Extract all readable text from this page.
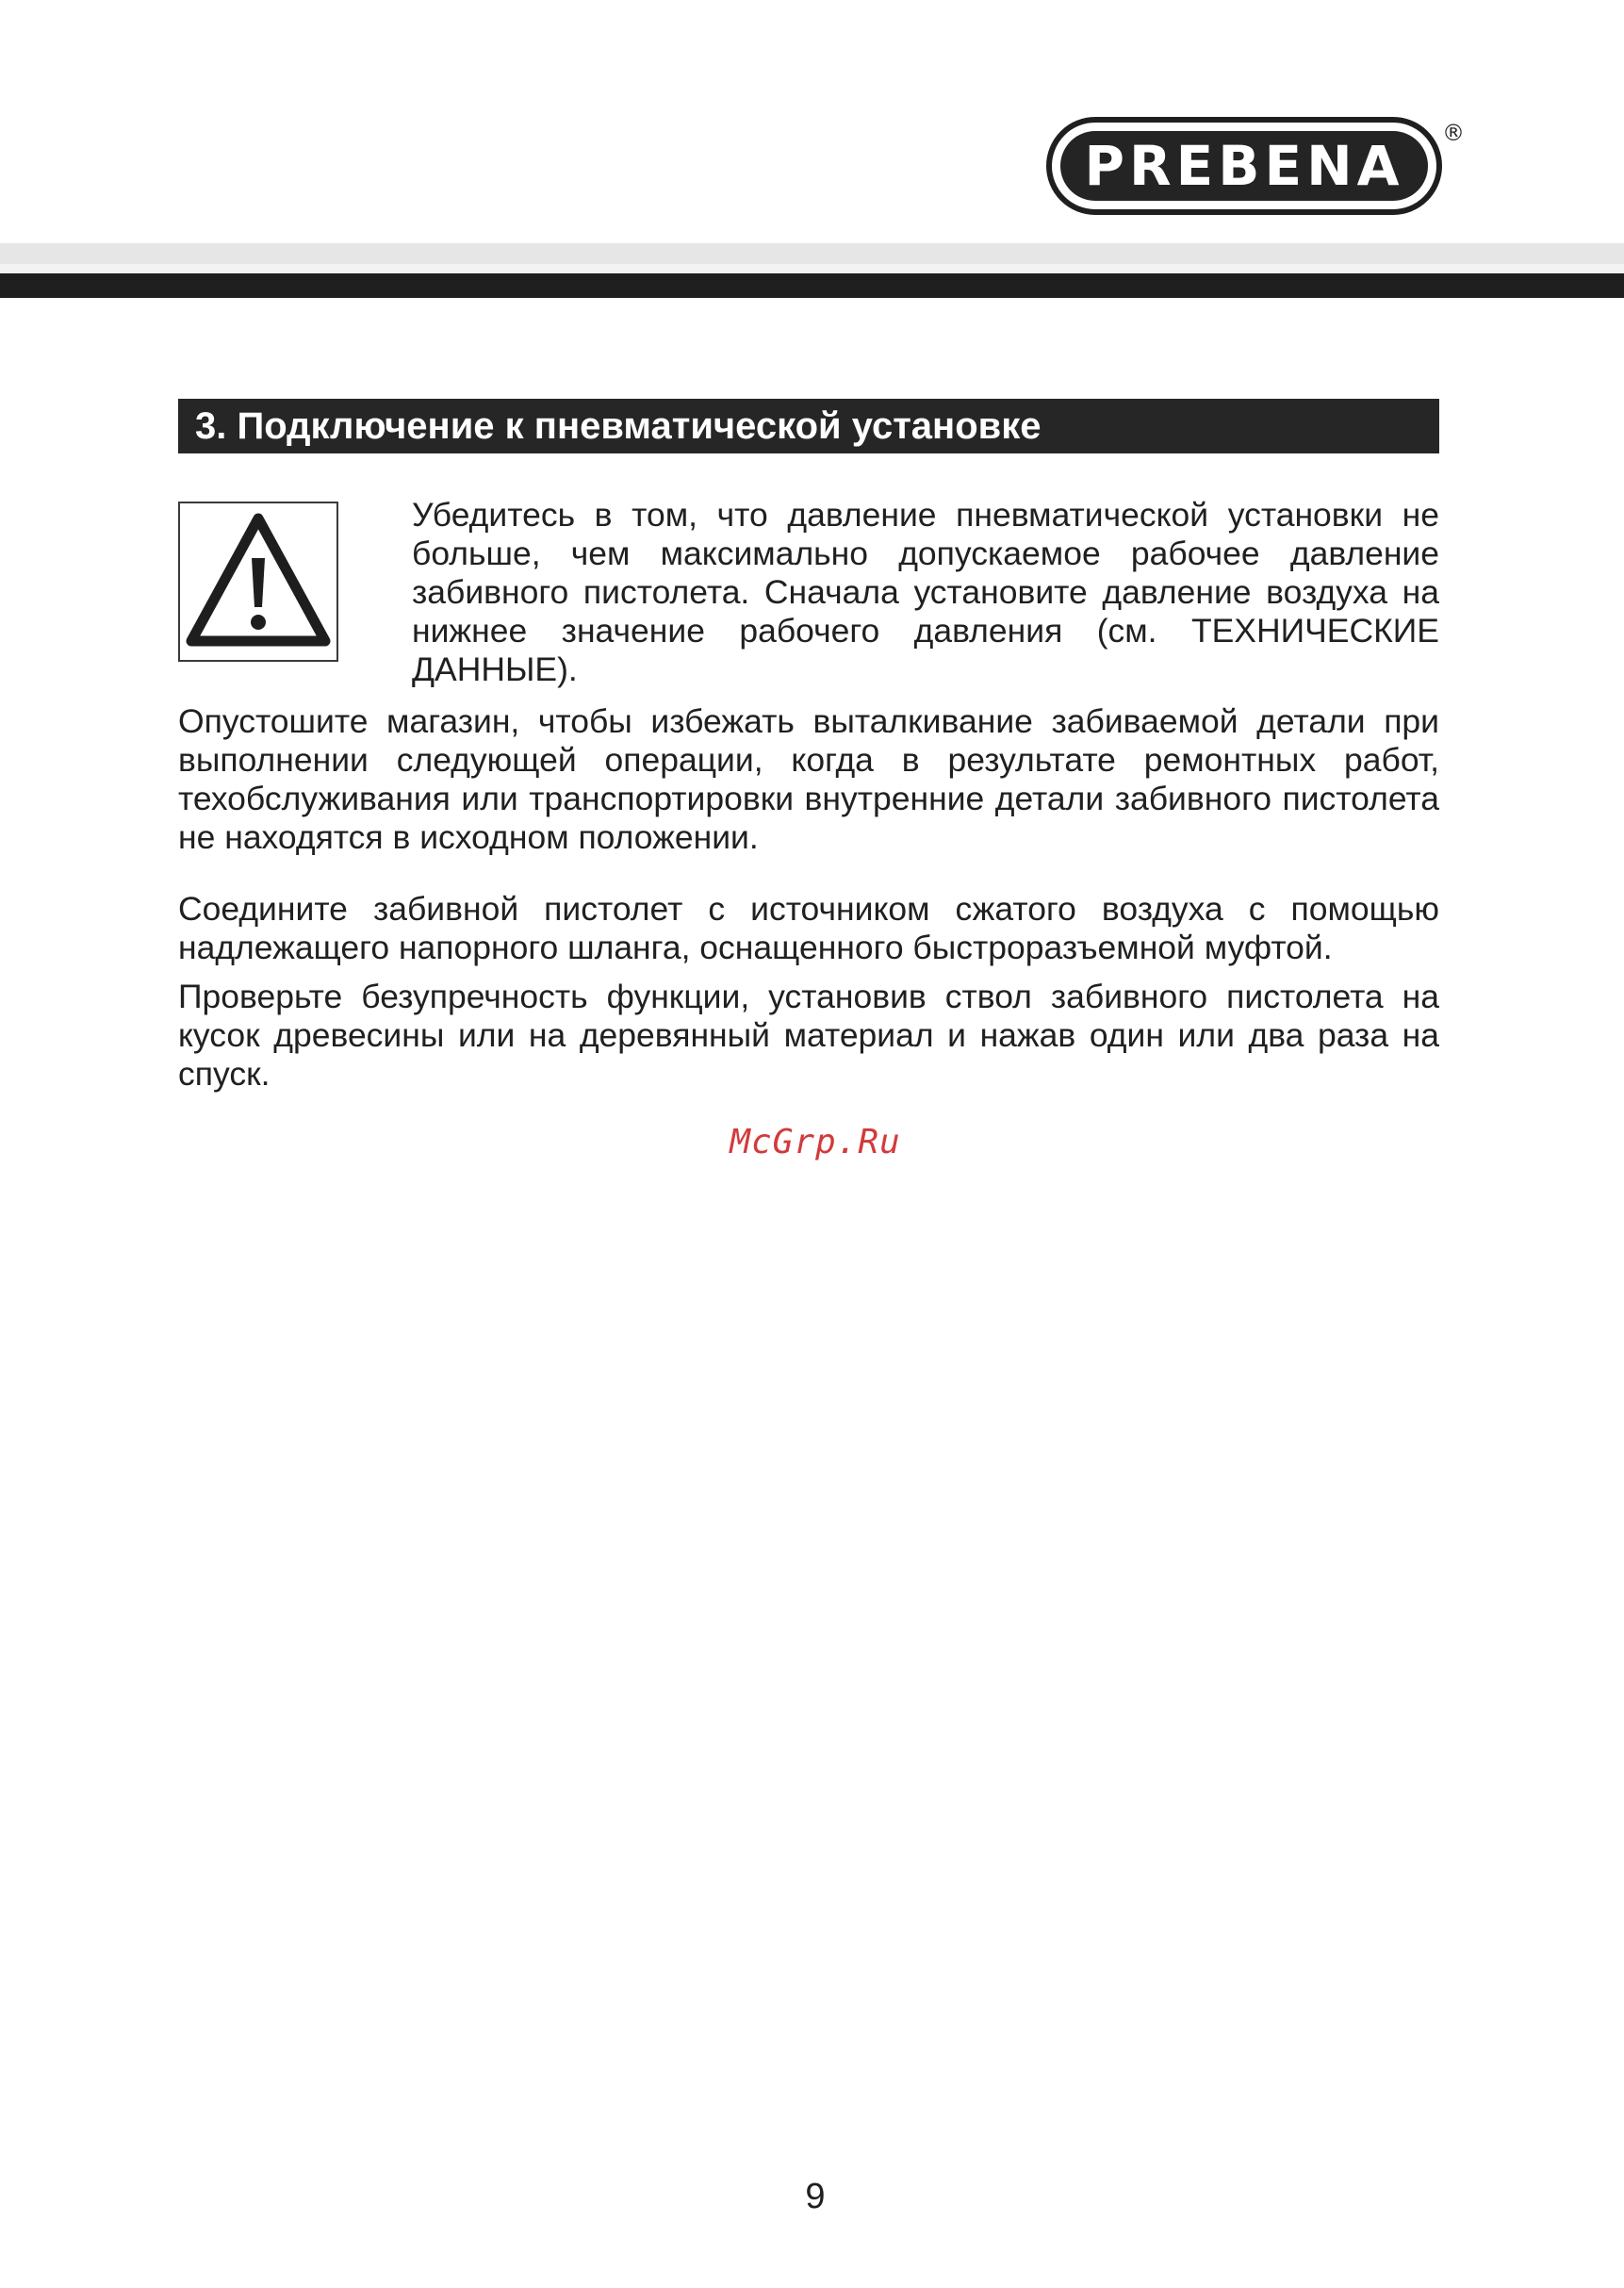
PREBENA
®
3. Подключение к пневматической установке

Убедитесь в том, что давление пневматической установки не больше, чем максимально допускаемое рабочее давление забивного пистолета. Сначала установите давление воздуха на нижнее значение рабочего давления (см. ТЕХНИЧЕСКИЕ ДАННЫЕ).

Опустошите магазин, чтобы избежать выталкивание забиваемой детали при выполнении следующей операции, когда в результате ремонтных работ, техобслуживания или транспортировки внутренние детали забивного пистолета не находятся в исходном положении.

Соедините забивной пистолет с источником сжатого воздуха с помощью надлежащего напорного шланга, оснащенного быстроразъемной муфтой.

Проверьте безупречность функции, установив ствол забивного пистолета на кусок древесины или на деревянный материал и нажав один или два раза на спуск.

McGrp.Ru
9
